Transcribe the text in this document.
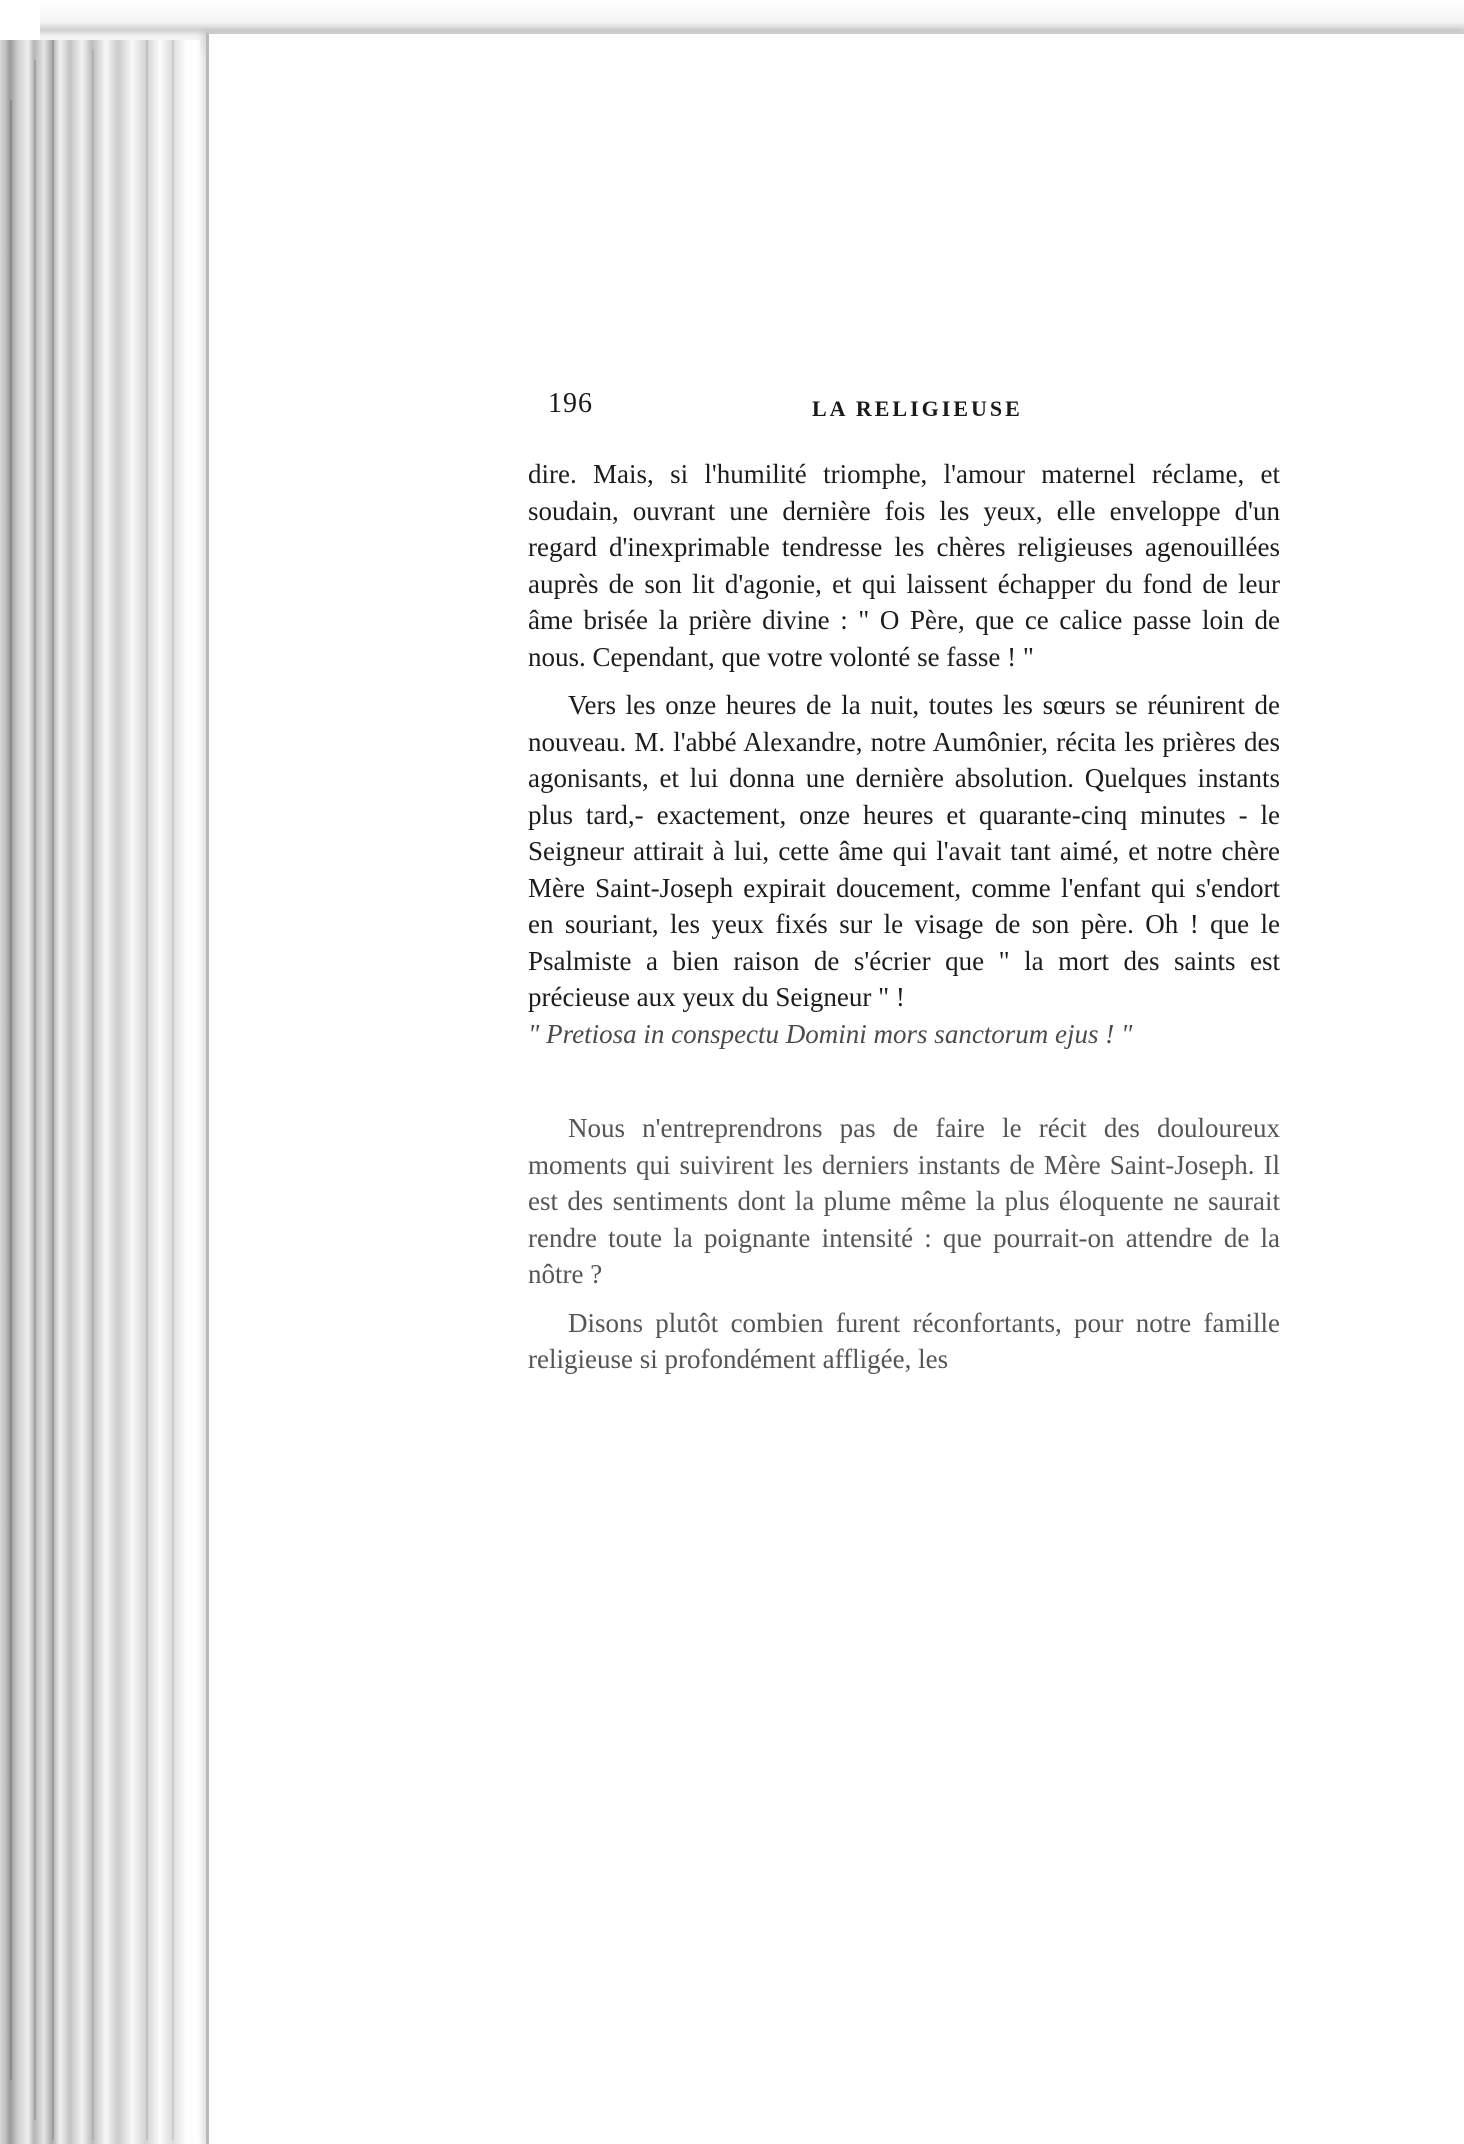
196	LA RELIGIEUSE

dire. Mais, si l'humilité triomphe, l'amour maternel réclame, et soudain, ouvrant une dernière fois les yeux, elle enveloppe d'un regard d'inexprimable tendresse les chères religieuses agenouillées auprès de son lit d'agonie, et qui laissent échapper du fond de leur âme brisée la prière divine : " O Père, que ce calice passe loin de nous. Cependant, que votre volonté se fasse ! "

Vers les onze heures de la nuit, toutes les sœurs se réunirent de nouveau. M. l'abbé Alexandre, notre Aumônier, récita les prières des agonisants, et lui donna une dernière absolution. Quelques instants plus tard,- exactement, onze heures et quarante-cinq minutes - le Seigneur attirait à lui, cette âme qui l'avait tant aimé, et notre chère Mère Saint-Joseph expirait doucement, comme l'enfant qui s'endort en souriant, les yeux fixés sur le visage de son père. Oh ! que le Psalmiste a bien raison de s'écrier que " la mort des saints est précieuse aux yeux du Seigneur " !

" Pretiosa in conspectu Domini mors sanctorum ejus ! "

Nous n'entreprendrons pas de faire le récit des douloureux moments qui suivirent les derniers instants de Mère Saint-Joseph. Il est des sentiments dont la plume même la plus éloquente ne saurait rendre toute la poignante intensité : que pourrait-on attendre de la nôtre ?

Disons plutôt combien furent réconfortants, pour notre famille religieuse si profondément affligée, les
